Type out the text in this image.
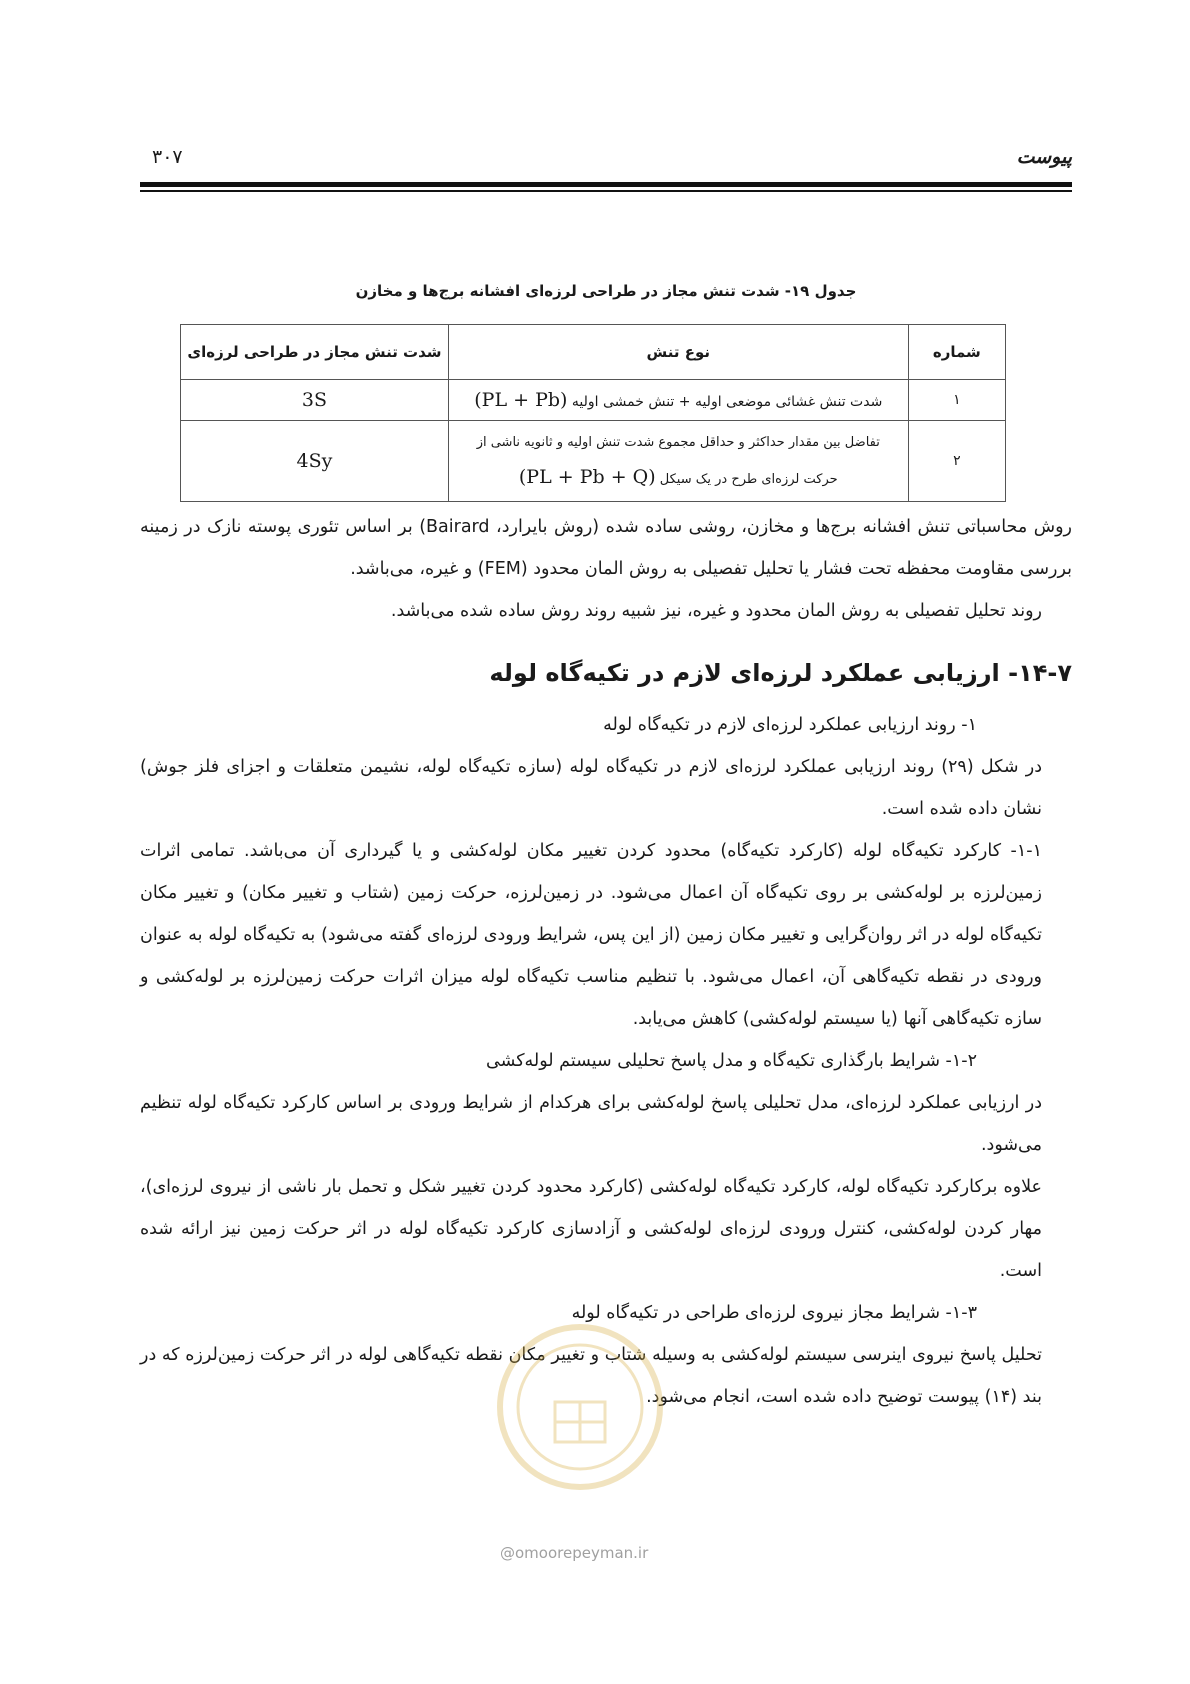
۳۰۷	پیوست
جدول ۱۹- شدت تنش مجاز در طراحی لرزه‌ای افشانه برج‌ها و مخازن
شماره	نوع تنش	شدت تنش مجاز در طراحی لرزه‌ای
۱	شدت تنش غشائی موضعی اولیه + تنش خمشی اولیه (PL + Pb)	3S
۲	تفاضل بین مقدار حداکثر و حداقل مجموع شدت تنش اولیه و ثانویه ناشی از
حرکت لرزه‌ای طرح در یک سیکل (PL + Pb + Q)	4Sy

روش محاسباتی تنش افشانه برج‌ها و مخازن، روشی ساده شده (روش بایرارد، Bairard) بر اساس تئوری پوسته نازک در زمینه بررسی مقاومت محفظه تحت فشار یا تحلیل تفصیلی به روش المان محدود (FEM) و غیره، می‌باشد.

روند تحلیل تفصیلی به روش المان محدود و غیره، نیز شبیه روند روش ساده شده می‌باشد.

۱۴-۷- ارزیابی عملکرد لرزه‌ای لازم در تکیه‌گاه لوله

۱- روند ارزیابی عملکرد لرزه‌ای لازم در تکیه‌گاه لوله

در شکل (۲۹) روند ارزیابی عملکرد لرزه‌ای لازم در تکیه‌گاه لوله (سازه تکیه‌گاه لوله، نشیمن متعلقات و اجزای فلز جوش) نشان داده شده است.

۱-۱- کارکرد تکیه‌گاه لوله (کارکرد تکیه‌گاه) محدود کردن تغییر مکان لوله‌کشی و یا گیرداری آن می‌باشد. تمامی اثرات زمین‌لرزه بر لوله‌کشی بر روی تکیه‌گاه آن اعمال می‌شود. در زمین‌لرزه، حرکت زمین (شتاب و تغییر مکان) و تغییر مکان تکیه‌گاه لوله در اثر روان‌گرایی و تغییر مکان زمین (از این پس، شرایط ورودی لرزه‌ای گفته می‌شود) به تکیه‌گاه لوله به عنوان ورودی در نقطه تکیه‌گاهی آن، اعمال می‌شود. با تنظیم مناسب تکیه‌گاه لوله میزان اثرات حرکت زمین‌لرزه بر لوله‌کشی و سازه تکیه‌گاهی آنها (یا سیستم لوله‌کشی) کاهش می‌یابد.

۱-۲- شرایط بارگذاری تکیه‌گاه و مدل پاسخ تحلیلی سیستم لوله‌کشی

در ارزیابی عملکرد لرزه‌ای، مدل تحلیلی پاسخ لوله‌کشی برای هرکدام از شرایط ورودی بر اساس کارکرد تکیه‌گاه لوله تنظیم می‌شود.

علاوه برکارکرد تکیه‌گاه لوله، کارکرد تکیه‌گاه لوله‌کشی (کارکرد محدود کردن تغییر شکل و تحمل بار ناشی از نیروی لرزه‌ای)، مهار کردن لوله‌کشی، کنترل ورودی لرزه‌ای لوله‌کشی و آزادسازی کارکرد تکیه‌گاه لوله در اثر حرکت زمین نیز ارائه شده است.

۱-۳- شرایط مجاز نیروی لرزه‌ای طراحی در تکیه‌گاه لوله

تحلیل پاسخ نیروی اینرسی سیستم لوله‌کشی به وسیله شتاب و تغییر مکان نقطه تکیه‌گاهی لوله در اثر حرکت زمین‌لرزه که در بند (۱۴) پیوست توضیح داده شده است، انجام می‌شود.

@omoorepeyman.ir
